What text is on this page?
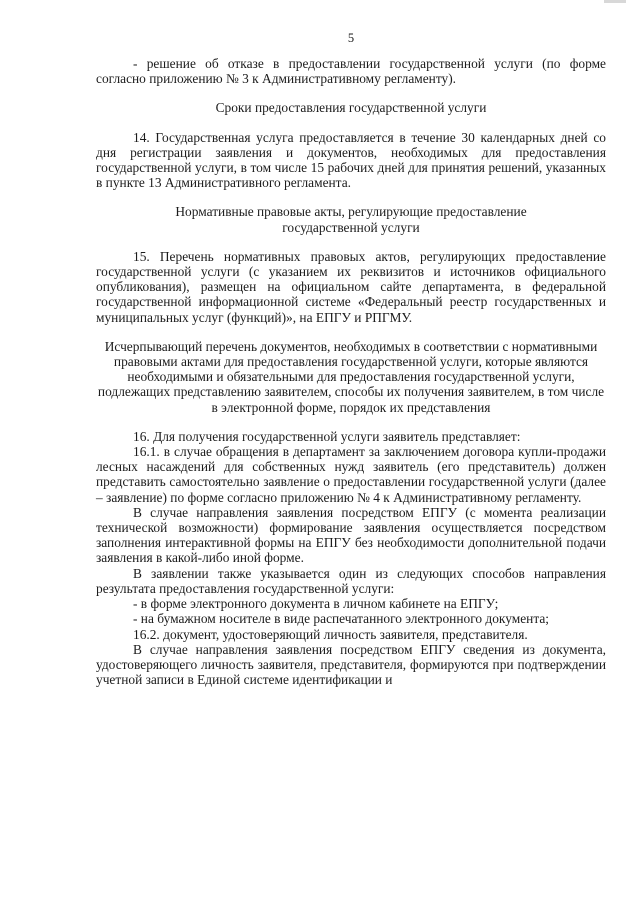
5

- решение об отказе в предоставлении государственной услуги (по форме согласно приложению № 3 к Административному регламенту).

Сроки предоставления государственной услуги

14. Государственная услуга предоставляется в течение 30 календарных дней со дня регистрации заявления и документов, необходимых для предоставления государственной услуги, в том числе 15 рабочих дней для принятия решений, указанных в пункте 13 Административного регламента.

Нормативные правовые акты, регулирующие предоставление государственной услуги

15. Перечень нормативных правовых актов, регулирующих предоставление государственной услуги (с указанием их реквизитов и источников официального опубликования), размещен на официальном сайте департамента, в федеральной государственной информационной системе «Федеральный реестр государственных и муниципальных услуг (функций)», на ЕПГУ и РПГМУ.

Исчерпывающий перечень документов, необходимых в соответствии с нормативными правовыми актами для предоставления государственной услуги, которые являются необходимыми и обязательными для предоставления государственной услуги, подлежащих представлению заявителем, способы их получения заявителем, в том числе в электронной форме, порядок их представления

16. Для получения государственной услуги заявитель представляет:

16.1. в случае обращения в департамент за заключением договора купли-продажи лесных насаждений для собственных нужд заявитель (его представитель) должен представить самостоятельно заявление о предоставлении государственной услуги (далее – заявление) по форме согласно приложению № 4 к Административному регламенту.

В случае направления заявления посредством ЕПГУ (с момента реализации технической возможности) формирование заявления осуществляется посредством заполнения интерактивной формы на ЕПГУ без необходимости дополнительной подачи заявления в какой-либо иной форме.

В заявлении также указывается один из следующих способов направления результата предоставления государственной услуги:

- в форме электронного документа в личном кабинете на ЕПГУ;

- на бумажном носителе в виде распечатанного электронного документа;

16.2. документ, удостоверяющий личность заявителя, представителя.

В случае направления заявления посредством ЕПГУ сведения из документа, удостоверяющего личность заявителя, представителя, формируются при подтверждении учетной записи в Единой системе идентификации и
